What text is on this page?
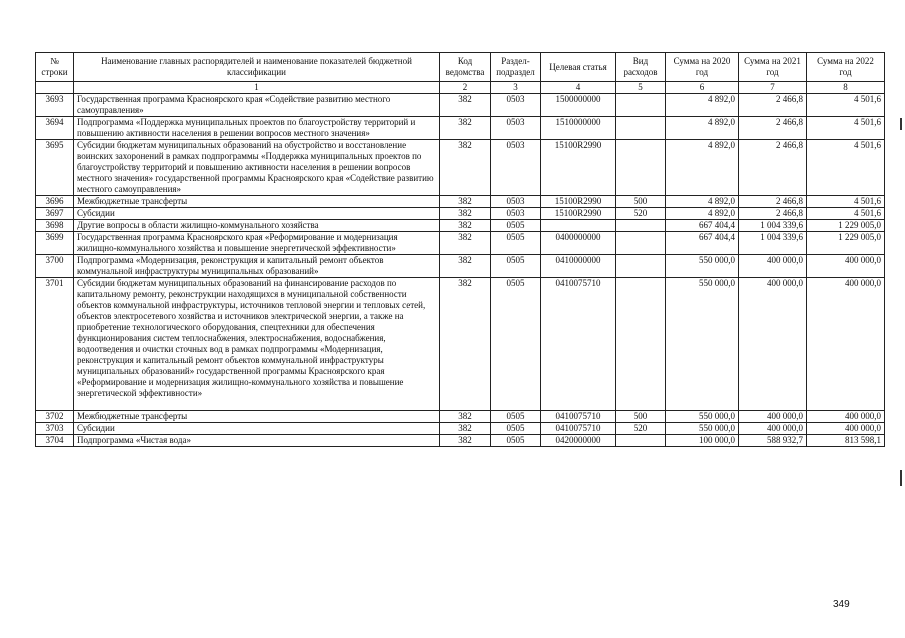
№ строки	Наименование главных распорядителей и наименование показателей бюджетной классификации	Код ведомства	Раздел-подраздел	Целевая статья	Вид расходов	Сумма на 2020 год	Сумма на 2021 год	Сумма на 2022 год
	1	2	3	4	5	6	7	8
3693	Государственная программа Красноярского края «Содействие развитию местного самоуправления»	382	0503	1500000000		4 892,0	2 466,8	4 501,6
3694	Подпрограмма «Поддержка муниципальных проектов по благоустройству территорий и повышению активности населения в решении вопросов местного значения»	382	0503	1510000000		4 892,0	2 466,8	4 501,6
3695	Субсидии бюджетам муниципальных образований на обустройство и восстановление воинских захоронений в рамках подпрограммы «Поддержка муниципальных проектов по благоустройству территорий и повышению активности населения в решении вопросов местного значения» государственной программы Красноярского края «Содействие развитию местного самоуправления»	382	0503	15100R2990		4 892,0	2 466,8	4 501,6
3696	Межбюджетные трансферты	382	0503	15100R2990	500	4 892,0	2 466,8	4 501,6
3697	Субсидии	382	0503	15100R2990	520	4 892,0	2 466,8	4 501,6
3698	Другие вопросы в области жилищно-коммунального хозяйства	382	0505			667 404,4	1 004 339,6	1 229 005,0
3699	Государственная программа Красноярского края «Реформирование и модернизация жилищно-коммунального хозяйства и повышение энергетической эффективности»	382	0505	0400000000		667 404,4	1 004 339,6	1 229 005,0
3700	Подпрограмма «Модернизация, реконструкция и капитальный ремонт объектов коммунальной инфраструктуры муниципальных образований»	382	0505	0410000000		550 000,0	400 000,0	400 000,0
3701	Субсидии бюджетам муниципальных образований на финансирование расходов по капитальному ремонту, реконструкции находящихся в муниципальной собственности объектов коммунальной инфраструктуры, источников тепловой энергии и тепловых сетей, объектов электросетевого хозяйства и источников электрической энергии, а также на приобретение технологического оборудования, спецтехники для обеспечения функционирования систем теплоснабжения, электроснабжения, водоснабжения, водоотведения и очистки сточных вод в рамках подпрограммы «Модернизация, реконструкция и капитальный ремонт объектов коммунальной инфраструктуры муниципальных образований» государственной программы Красноярского края «Реформирование и модернизация жилищно-коммунального хозяйства и повышение энергетической эффективности»	382	0505	0410075710		550 000,0	400 000,0	400 000,0
3702	Межбюджетные трансферты	382	0505	0410075710	500	550 000,0	400 000,0	400 000,0
3703	Субсидии	382	0505	0410075710	520	550 000,0	400 000,0	400 000,0
3704	Подпрограмма «Чистая вода»	382	0505	0420000000		100 000,0	588 932,7	813 598,1
349
